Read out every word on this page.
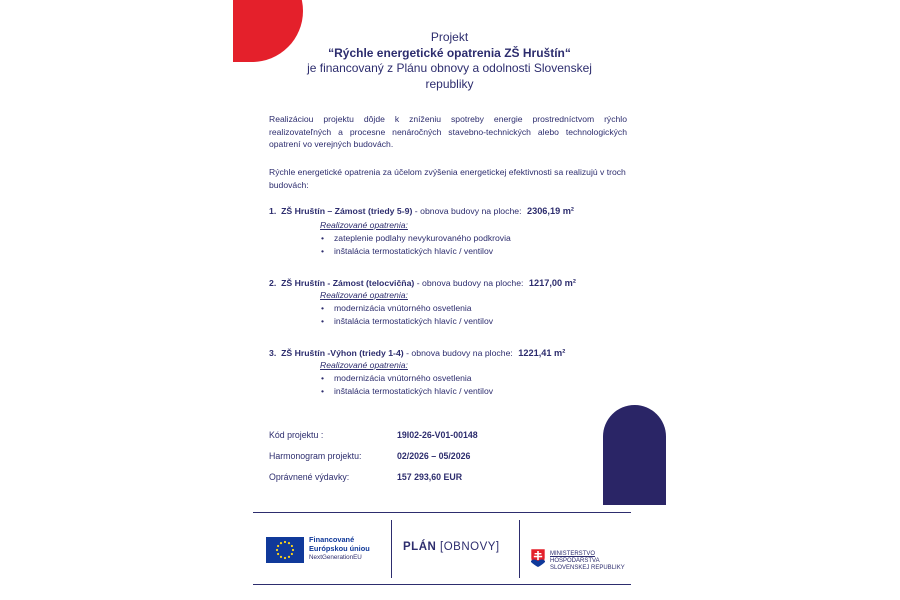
Projekt
“Rýchle energetické opatrenia ZŠ Hruštín“
je financovaný z Plánu obnovy a odolnosti Slovenskej
republiky
Realizáciou projektu dôjde k zníženiu spotreby energie prostredníctvom rýchlo realizovateľných a procesne nenáročných stavebno-technických alebo technologických opatrení vo verejných budovách.
Rýchle energetické opatrenia za účelom zvýšenia energetickej efektivnosti sa realizujú v troch budovách:
1. ZŠ Hruštín – Zámost (triedy 5-9) - obnova budovy na ploche: 2306,19 m²
Realizované opatrenia:
• zateplenie podlahy nevykurovaného podkrovia
• inštalácia termostatických hlavíc / ventilov
2. ZŠ Hruštín - Zámost (telocvičňa) - obnova budovy na ploche: 1217,00 m²
Realizované opatrenia:
• modernizácia vnútorného osvetlenia
• inštalácia termostatických hlavíc / ventilov
3. ZŠ Hruštín -Výhon (triedy 1-4) - obnova budovy na ploche: 1221,41 m²
Realizované opatrenia:
• modernizácia vnútorného osvetlenia
• inštalácia termostatických hlavíc / ventilov
Kód projektu :	19I02-26-V01-00148
Harmonogram projektu:	02/2026 – 05/2026
Oprávnené výdavky:	157 293,60 EUR
Financované
Európskou úniou
NextGenerationEU
PLÁN [OBNOVY]
MINISTERSTVO
HOSPODÁRSTVA
SLOVENSKEJ REPUBLIKY
